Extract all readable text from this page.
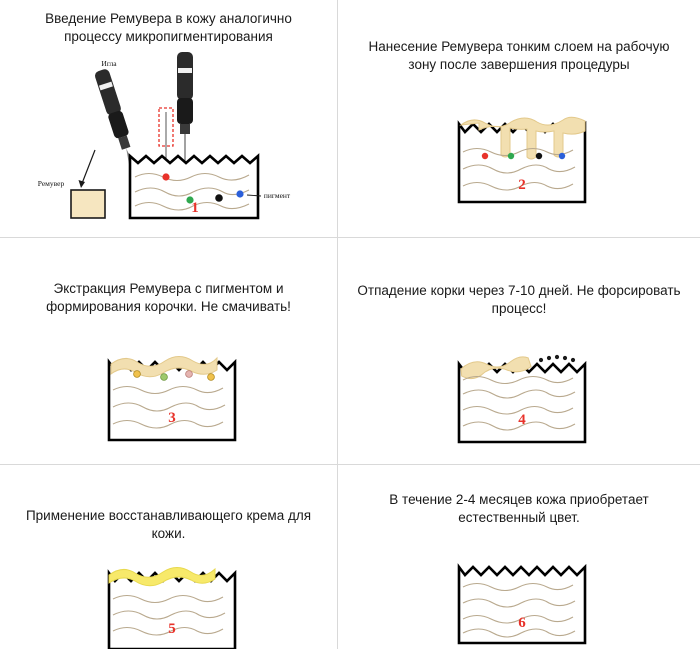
Введение Ремувера в кожу аналогично процессу микропигментирования
Игла
Ремувер
пигмент
1
Нанесение Ремувера тонким слоем на рабочую зону после завершения процедуры
2
Экстракция Ремувера с пигментом и формирования корочки. Не смачивать!
3
Отпадение корки через 7-10 дней. Не форсировать процесс!
4
Применение восстанавливающего крема для кожи.
5
В течение 2-4 месяцев кожа приобретает естественный цвет.
6
